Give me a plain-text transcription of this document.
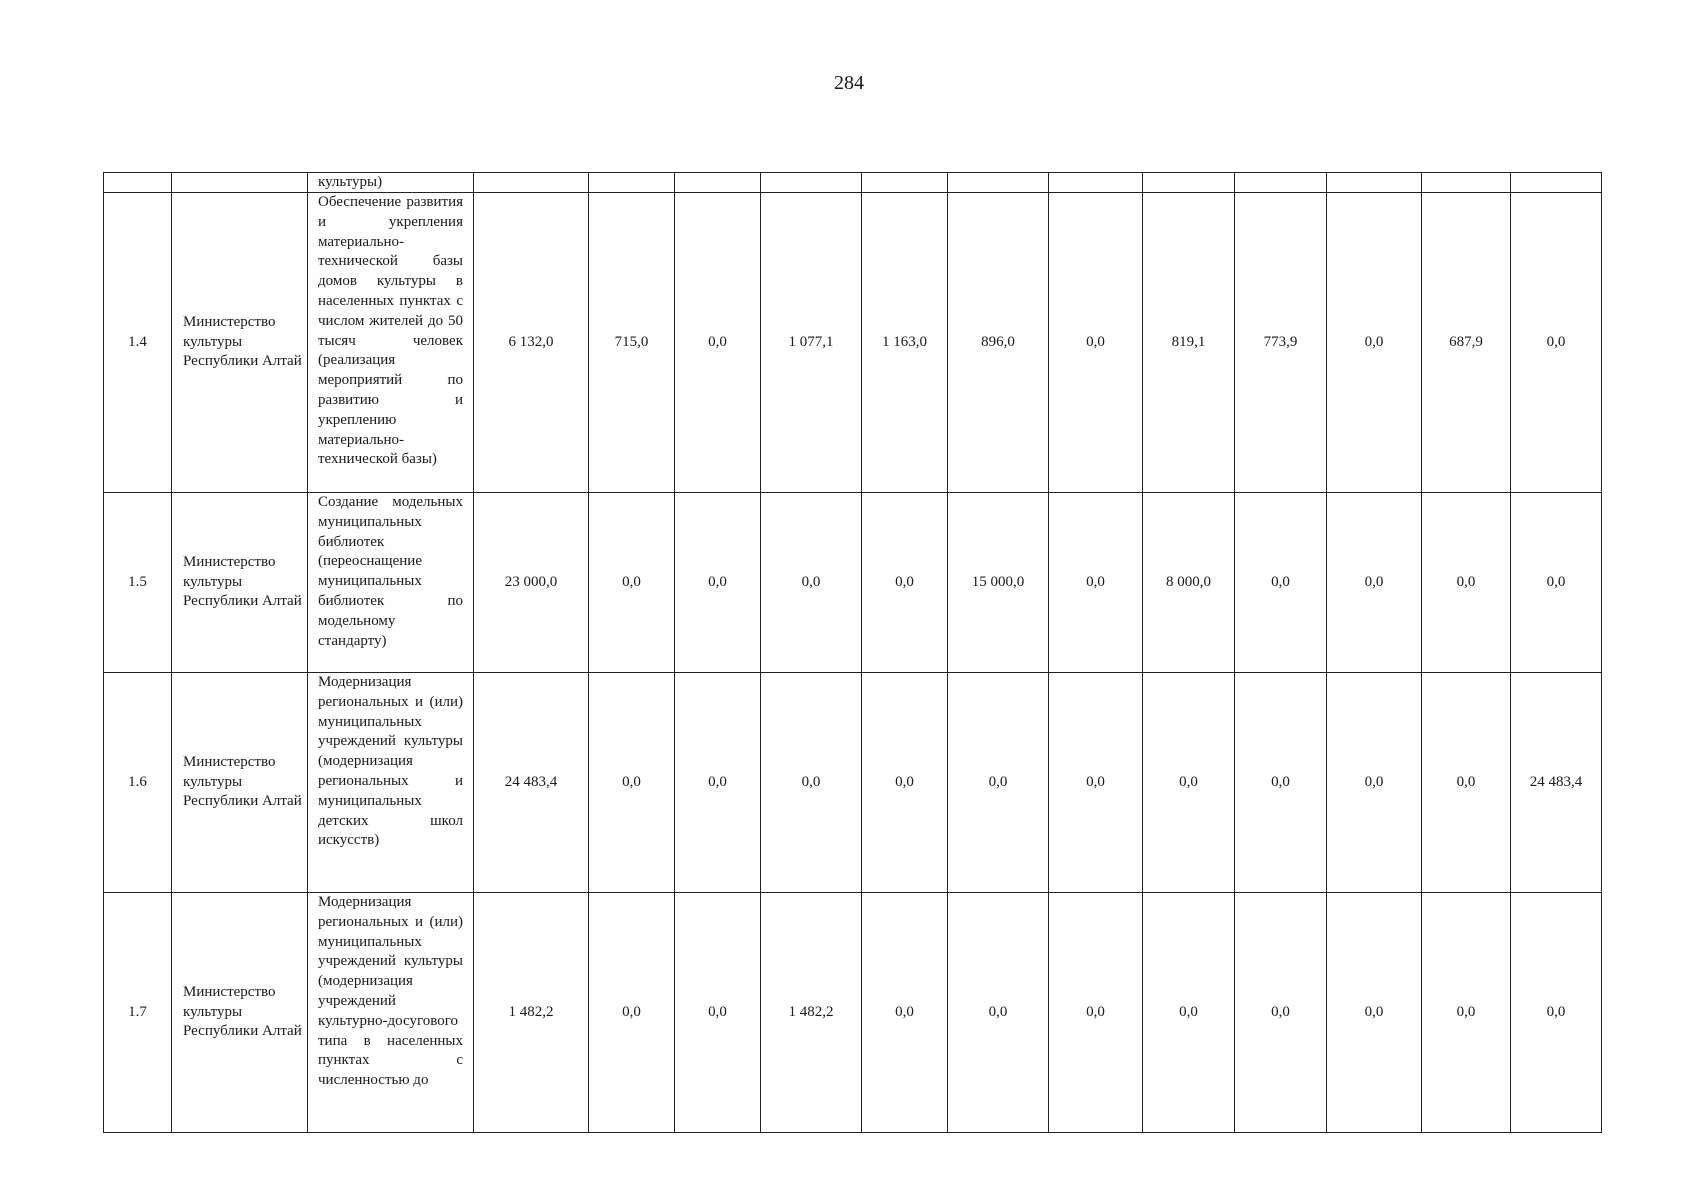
284
		культуры)												
1.4	Министерство культуры Республики Алтай	Обеспечение развития и укрепления материально-технической базы домов культуры в населенных пунктах с числом жителей до 50 тысяч человек (реализация мероприятий по развитию и укреплению материально-технической базы)	6 132,0	715,0	0,0	1 077,1	1 163,0	896,0	0,0	819,1	773,9	0,0	687,9	0,0
1.5	Министерство культуры Республики Алтай	Создание модельных муниципальных библиотек (переоснащение муниципальных библиотек по модельному стандарту)	23 000,0	0,0	0,0	0,0	0,0	15 000,0	0,0	8 000,0	0,0	0,0	0,0	0,0
1.6	Министерство культуры Республики Алтай	Модернизация региональных и (или) муниципальных учреждений культуры (модернизация региональных и муниципальных детских школ искусств)	24 483,4	0,0	0,0	0,0	0,0	0,0	0,0	0,0	0,0	0,0	0,0	24 483,4
1.7	Министерство культуры Республики Алтай	Модернизация региональных и (или) муниципальных учреждений культуры (модернизация учреждений культурно-досугового типа в населенных пунктах с численностью до	1 482,2	0,0	0,0	1 482,2	0,0	0,0	0,0	0,0	0,0	0,0	0,0	0,0
